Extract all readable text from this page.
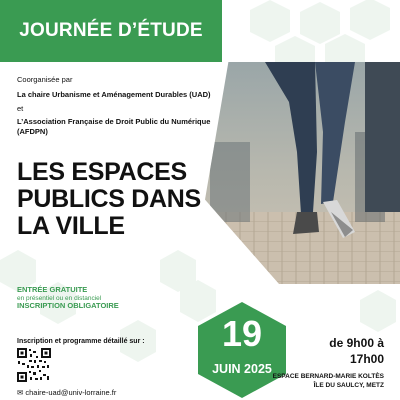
JOURNÉE D’ÉTUDE
Coorganisée par
La chaire Urbanisme et Aménagement Durables (UAD)
et
L’Association Française de Droit Public du Numérique
(AFDPN)
LES ESPACES
PUBLICS DANS
LA VILLE
ENTRÉE GRATUITE
en présentiel ou en distanciel
INSCRIPTION OBLIGATOIRE
Inscription et programme détaillé sur :
✉ chaire-uad@univ-lorraine.fr
19
JUIN 2025
de 9h00 à
17h00
ESPACE BERNARD-MARIE KOLTÈS
ÎLE DU SAULCY, METZ
